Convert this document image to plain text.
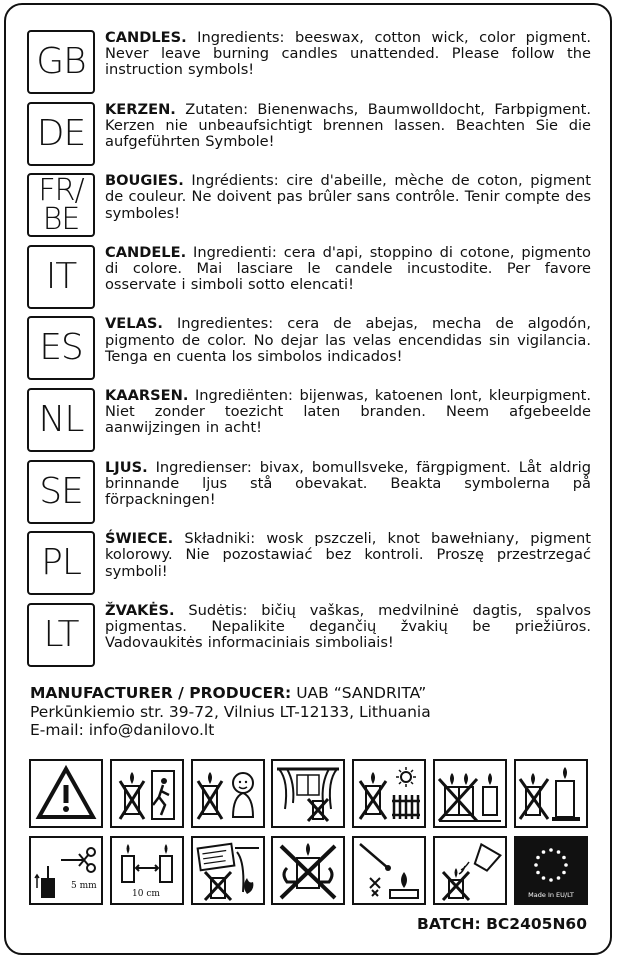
GB
CANDLES. Ingredients: beeswax, cotton wick, color pigment. Never leave burning candles unattended. Please follow the instruction symbols!
DE
KERZEN. Zutaten: Bienenwachs, Baumwolldocht, Farbpigment. Kerzen nie unbeaufsichtigt brennen lassen. Beachten Sie die aufgeführten Symbole!
FR/
BE
BOUGIES. Ingrédients: cire d'abeille, mèche de coton, pigment de couleur. Ne doivent pas brûler sans contrôle. Tenir compte des symboles!
IT
CANDELE. Ingredienti: cera d'api, stoppino di cotone, pigmento di colore. Mai lasciare le candele incustodite. Per favore osservate i simboli sotto elencati!
ES
VELAS. Ingredientes: cera de abejas, mecha de algodón, pigmento de color. No dejar las velas encendidas sin vigilancia. Tenga en cuenta los simbolos indicados!
NL
KAARSEN. Ingrediënten: bijenwas, katoenen lont, kleurpigment. Niet zonder toezicht laten branden. Neem afgebeelde aanwijzingen in acht!
SE
LJUS. Ingredienser: bivax, bomullsveke, färgpigment. Låt aldrig brinnande ljus stå obevakat. Beakta symbolerna på förpackningen!
PL
ŚWIECE. Składniki: wosk pszczeli, knot bawełniany, pigment kolorowy. Nie pozostawiać bez kontroli. Proszę przestrzegać symboli!
LT
ŽVAKĖS. Sudėtis: bičių vaškas, medvilninė dagtis, spalvos pigmentas. Nepalikite degančių žvakių be priežiūros. Vadovaukitės informaciniais simboliais!
MANUFACTURER / PRODUCER: UAB “SANDRITA”
Perkūnkiemio str. 39-72, Vilnius LT-12133, Lithuania
E-mail: info@danilovo.lt
5 mm
10 cm	Made In EU/LT
BATCH: BC2405N60
